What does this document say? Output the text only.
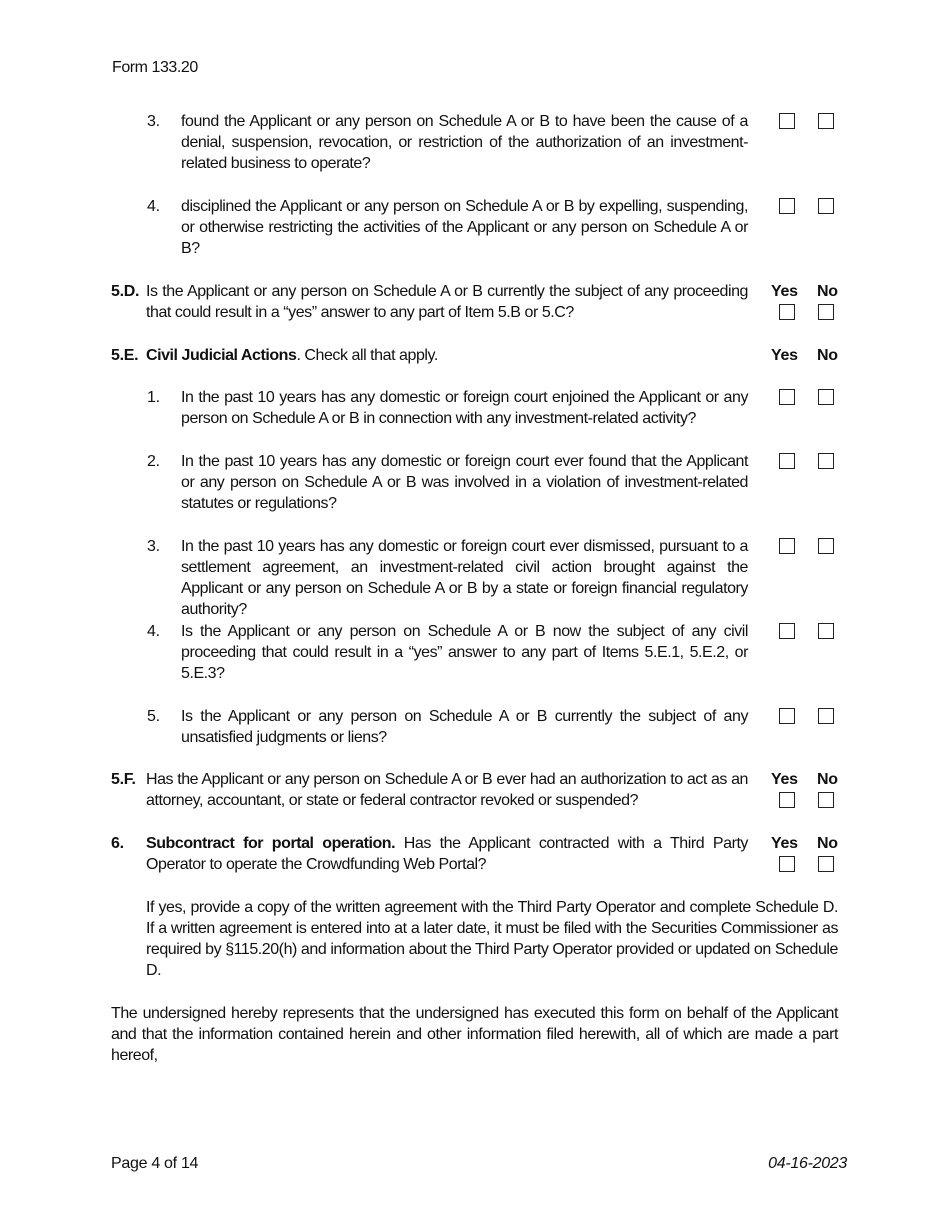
Form 133.20
3. found the Applicant or any person on Schedule A or B to have been the cause of a denial, suspension, revocation, or restriction of the authorization of an investment-related business to operate?
4. disciplined the Applicant or any person on Schedule A or B by expelling, suspending, or otherwise restricting the activities of the Applicant or any person on Schedule A or B?
5.D. Is the Applicant or any person on Schedule A or B currently the subject of any proceeding that could result in a “yes” answer to any part of Item 5.B or 5.C?
Yes No
5.E. Civil Judicial Actions. Check all that apply.	Yes No
1. In the past 10 years has any domestic or foreign court enjoined the Applicant or any person on Schedule A or B in connection with any investment-related activity?
2. In the past 10 years has any domestic or foreign court ever found that the Applicant or any person on Schedule A or B was involved in a violation of investment-related statutes or regulations?
3. In the past 10 years has any domestic or foreign court ever dismissed, pursuant to a settlement agreement, an investment-related civil action brought against the Applicant or any person on Schedule A or B by a state or foreign financial regulatory authority?
4. Is the Applicant or any person on Schedule A or B now the subject of any civil proceeding that could result in a “yes” answer to any part of Items 5.E.1, 5.E.2, or 5.E.3?
5. Is the Applicant or any person on Schedule A or B currently the subject of any unsatisfied judgments or liens?
5.F. Has the Applicant or any person on Schedule A or B ever had an authorization to act as an attorney, accountant, or state or federal contractor revoked or suspended?
Yes No
6. Subcontract for portal operation. Has the Applicant contracted with a Third Party Operator to operate the Crowdfunding Web Portal?
Yes No
If yes, provide a copy of the written agreement with the Third Party Operator and complete Schedule D. If a written agreement is entered into at a later date, it must be filed with the Securities Commissioner as required by §115.20(h) and information about the Third Party Operator provided or updated on Schedule D.
The undersigned hereby represents that the undersigned has executed this form on behalf of the Applicant and that the information contained herein and other information filed herewith, all of which are made a part hereof,
Page 4 of 14	04-16-2023
